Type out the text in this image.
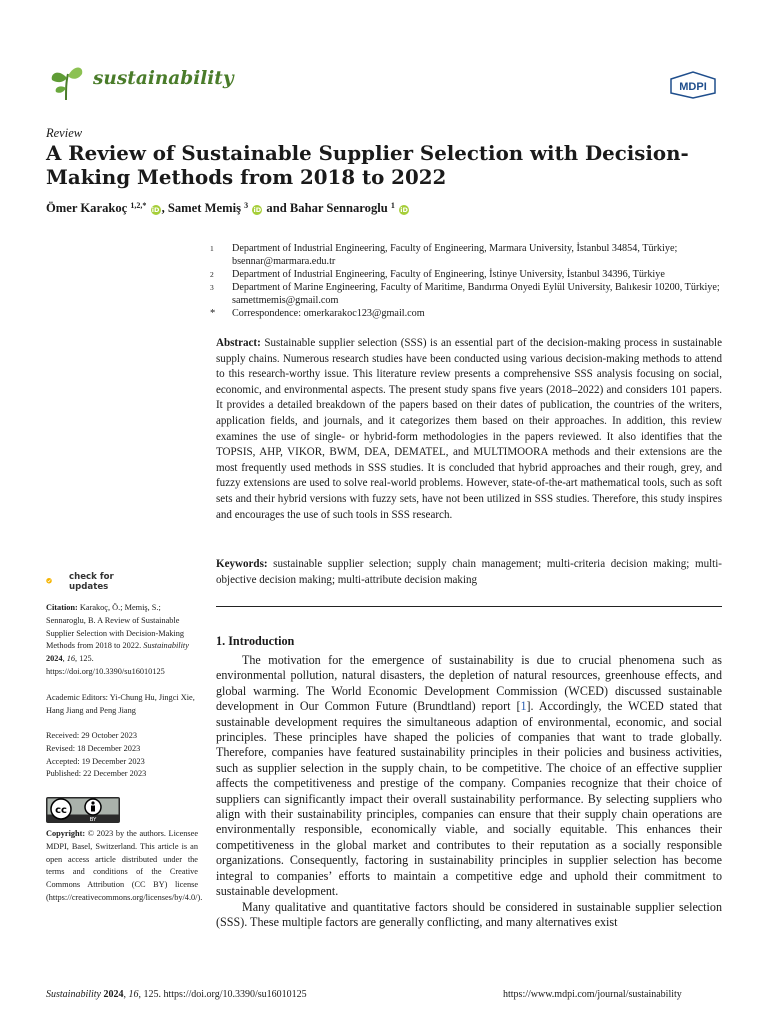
sustainability	MDPI
Review
A Review of Sustainable Supplier Selection with Decision-Making Methods from 2018 to 2022
Ömer Karakoç $^{1,2,*}$ iD , Samet Memiş $^3$ iD and Bahar Sennaroglu $^1$ iD
1	Department of Industrial Engineering, Faculty of Engineering, Marmara University, İstanbul 34854, Türkiye; bsennar@marmara.edu.tr
2	Department of Industrial Engineering, Faculty of Engineering, İstinye University, İstanbul 34396, Türkiye
3	Department of Marine Engineering, Faculty of Maritime, Bandırma Onyedi Eylül University, Balıkesir 10200, Türkiye; samettmemis@gmail.com
*	Correspondence: omerkarakoc123@gmail.com
Abstract: Sustainable supplier selection (SSS) is an essential part of the decision-making process in sustainable supply chains. Numerous research studies have been conducted using various decision-making methods to attend to this research-worthy issue. This literature review presents a comprehensive SSS analysis focusing on social, economic, and environmental aspects. The present study spans five years (2018–2022) and considers 101 papers. It provides a detailed breakdown of the papers based on their dates of publication, the countries of the writers, application fields, and journals, and it categorizes them based on their approaches. In addition, this review examines the use of single- or hybrid-form methodologies in the papers reviewed. It also identifies that the TOPSIS, AHP, VIKOR, BWM, DEA, DEMATEL, and MULTIMOORA methods and their extensions are the most frequently used methods in SSS studies. It is concluded that hybrid approaches and their rough, grey, and fuzzy extensions are used to solve real-world problems. However, state-of-the-art mathematical tools, such as soft sets and their hybrid versions with fuzzy sets, have not been utilized in SSS studies. Therefore, this study inspires and encourages the use of such tools in SSS research.
Keywords: sustainable supplier selection; supply chain management; multi-criteria decision making; multi-objective decision making; multi-attribute decision making
check for
updates
Citation: Karakoç, Ö.; Memiş, S.; Sennaroglu, B. A Review of Sustainable Supplier Selection with Decision-Making Methods from 2018 to 2022. Sustainability 2024, 16, 125. https://doi.org/10.3390/su16010125
Academic Editors: Yi-Chung Hu, Jingci Xie, Hang Jiang and Peng Jiang
Received: 29 October 2023
Revised: 18 December 2023
Accepted: 19 December 2023
Published: 22 December 2023
cc
BY
Copyright: © 2023 by the authors. Licensee MDPI, Basel, Switzerland. This article is an open access article distributed under the terms and conditions of the Creative Commons Attribution (CC BY) license (https://creativecommons.org/licenses/by/4.0/).
1. Introduction

The motivation for the emergence of sustainability is due to crucial phenomena such as environmental pollution, natural disasters, the depletion of natural resources, greenhouse effects, and global warming. The World Economic Development Commission (WCED) discussed sustainable development in Our Common Future (Brundtland) report [1]. Accordingly, the WCED stated that sustainable development requires the simultaneous adaption of environmental, economic, and social principles. These principles have shaped the policies of companies that want to trade globally. Therefore, companies have featured sustainability principles in their policies and business activities, such as supplier selection in the supply chain, to be competitive. The choice of an effective supplier affects the competitiveness and prestige of the company. Companies recognize that their choice of suppliers can significantly impact their overall sustainability performance. By selecting suppliers who align with their sustainability principles, companies can ensure that their supply chain operations are environmentally responsible, economically viable, and socially equitable. This enhances their competitiveness in the global market and contributes to their reputation as a socially responsible organizations. Consequently, factoring in sustainability principles in supplier selection has become integral to companies’ efforts to maintain a competitive edge and uphold their commitment to sustainable development.

Many qualitative and quantitative factors should be considered in sustainable supplier selection (SSS). These multiple factors are generally conflicting, and many alternatives exist

Sustainability 2024, 16, 125. https://doi.org/10.3390/su16010125	https://www.mdpi.com/journal/sustainability
